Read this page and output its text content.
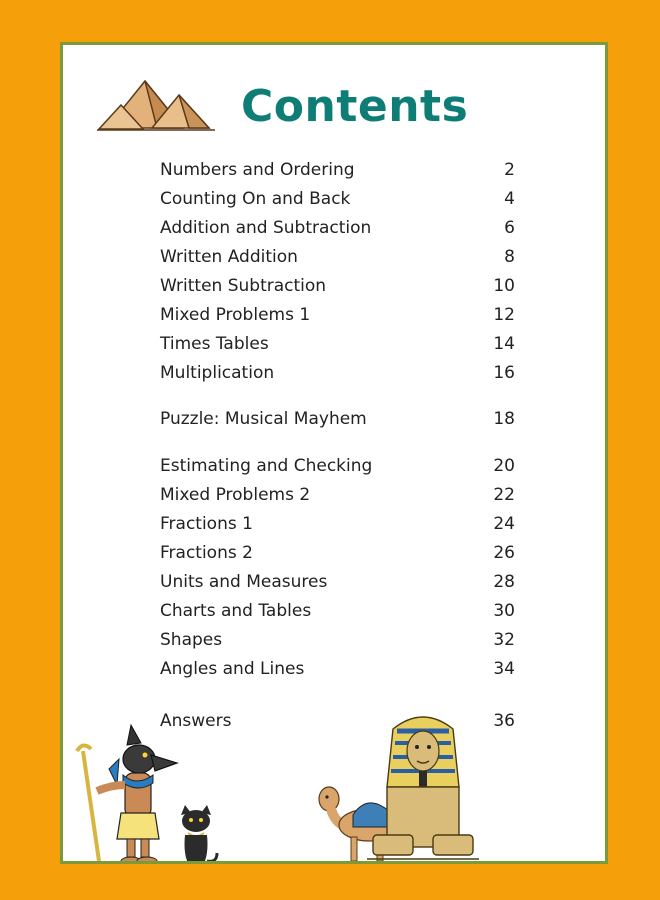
Contents
Numbers and Ordering	2
Counting On and Back	4
Addition and Subtraction	6
Written Addition	8
Written Subtraction	10
Mixed Problems 1	12
Times Tables	14
Multiplication	16
Puzzle: Musical Mayhem	18
Estimating and Checking	20
Mixed Problems 2	22
Fractions 1	24
Fractions 2	26
Units and Measures	28
Charts and Tables	30
Shapes	32
Angles and Lines	34
Answers	36
